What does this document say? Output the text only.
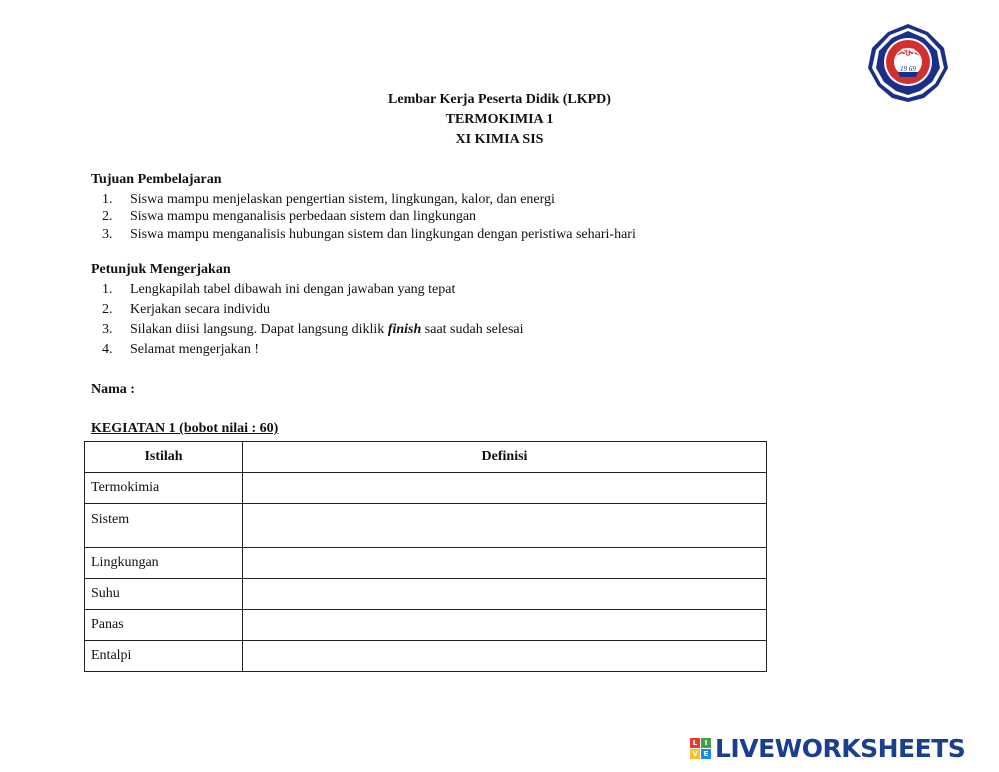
SIS
19 69
Lembar Kerja Peserta Didik (LKPD)
TERMOKIMIA 1
XI KIMIA SIS
Tujuan Pembelajaran
1. Siswa mampu menjelaskan pengertian sistem, lingkungan, kalor, dan energi
2. Siswa mampu menganalisis perbedaan sistem dan lingkungan
3. Siswa mampu menganalisis hubungan sistem dan lingkungan dengan peristiwa sehari-hari
Petunjuk Mengerjakan
1. Lengkapilah tabel dibawah ini dengan jawaban yang tepat
2. Kerjakan secara individu
3. Silakan diisi langsung. Dapat langsung diklik finish saat sudah selesai
4. Selamat mengerjakan !
Nama :
KEGIATAN 1 (bobot nilai : 60)
Istilah	Definisi
Termokimia	
Sistem	
Lingkungan	
Suhu	
Panas	
Entalpi	
L	I
V E LIVEWORKSHEETS
